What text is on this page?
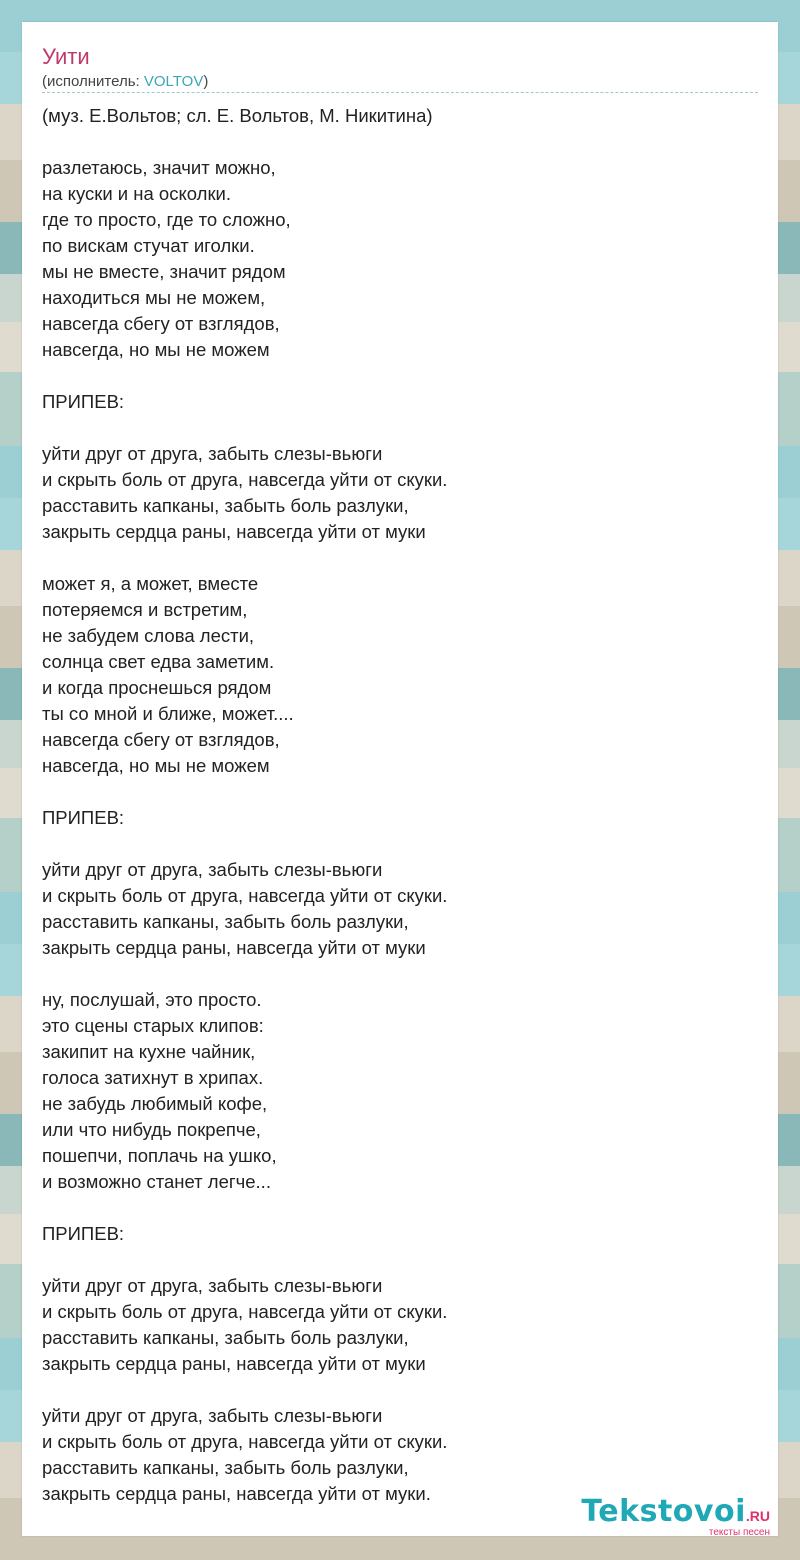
Уити
(исполнитель: VOLTOV)
(муз. Е.Вольтов; сл. Е. Вольтов, М. Никитина)

разлетаюсь, значит можно,
на куски и на осколки.
где то просто, где то сложно,
по вискам стучат иголки.
мы не вместе, значит рядом
находиться мы не можем,
навсегда сбегу от взглядов,
навсегда, но мы не можем

ПРИПЕВ:

уйти друг от друга, забыть слезы-вьюги
и скрыть боль от друга, навсегда уйти от скуки.
расставить капканы, забыть боль разлуки,
закрыть сердца раны, навсегда уйти от муки

может я, а может, вместе
потеряемся и встретим,
не забудем слова лести,
солнца свет едва заметим.
и когда проснешься рядом
ты со мной и ближе, может....
навсегда сбегу от взглядов,
навсегда, но мы не можем

ПРИПЕВ:

уйти друг от друга, забыть слезы-вьюги
и скрыть боль от друга, навсегда уйти от скуки.
расставить капканы, забыть боль разлуки,
закрыть сердца раны, навсегда уйти от муки

ну, послушай, это просто.
это сцены старых клипов:
закипит на кухне чайник,
голоса затихнут в хрипах.
не забудь любимый кофе,
или что нибудь покрепче,
пошепчи, поплачь на ушко,
и возможно станет легче...

ПРИПЕВ:

уйти друг от друга, забыть слезы-вьюги
и скрыть боль от друга, навсегда уйти от скуки.
расставить капканы, забыть боль разлуки,
закрыть сердца раны, навсегда уйти от муки

уйти друг от друга, забыть слезы-вьюги
и скрыть боль от друга, навсегда уйти от скуки.
расставить капканы, забыть боль разлуки,
закрыть сердца раны, навсегда уйти от муки.
Tekstovoi.RU
тексты песен
